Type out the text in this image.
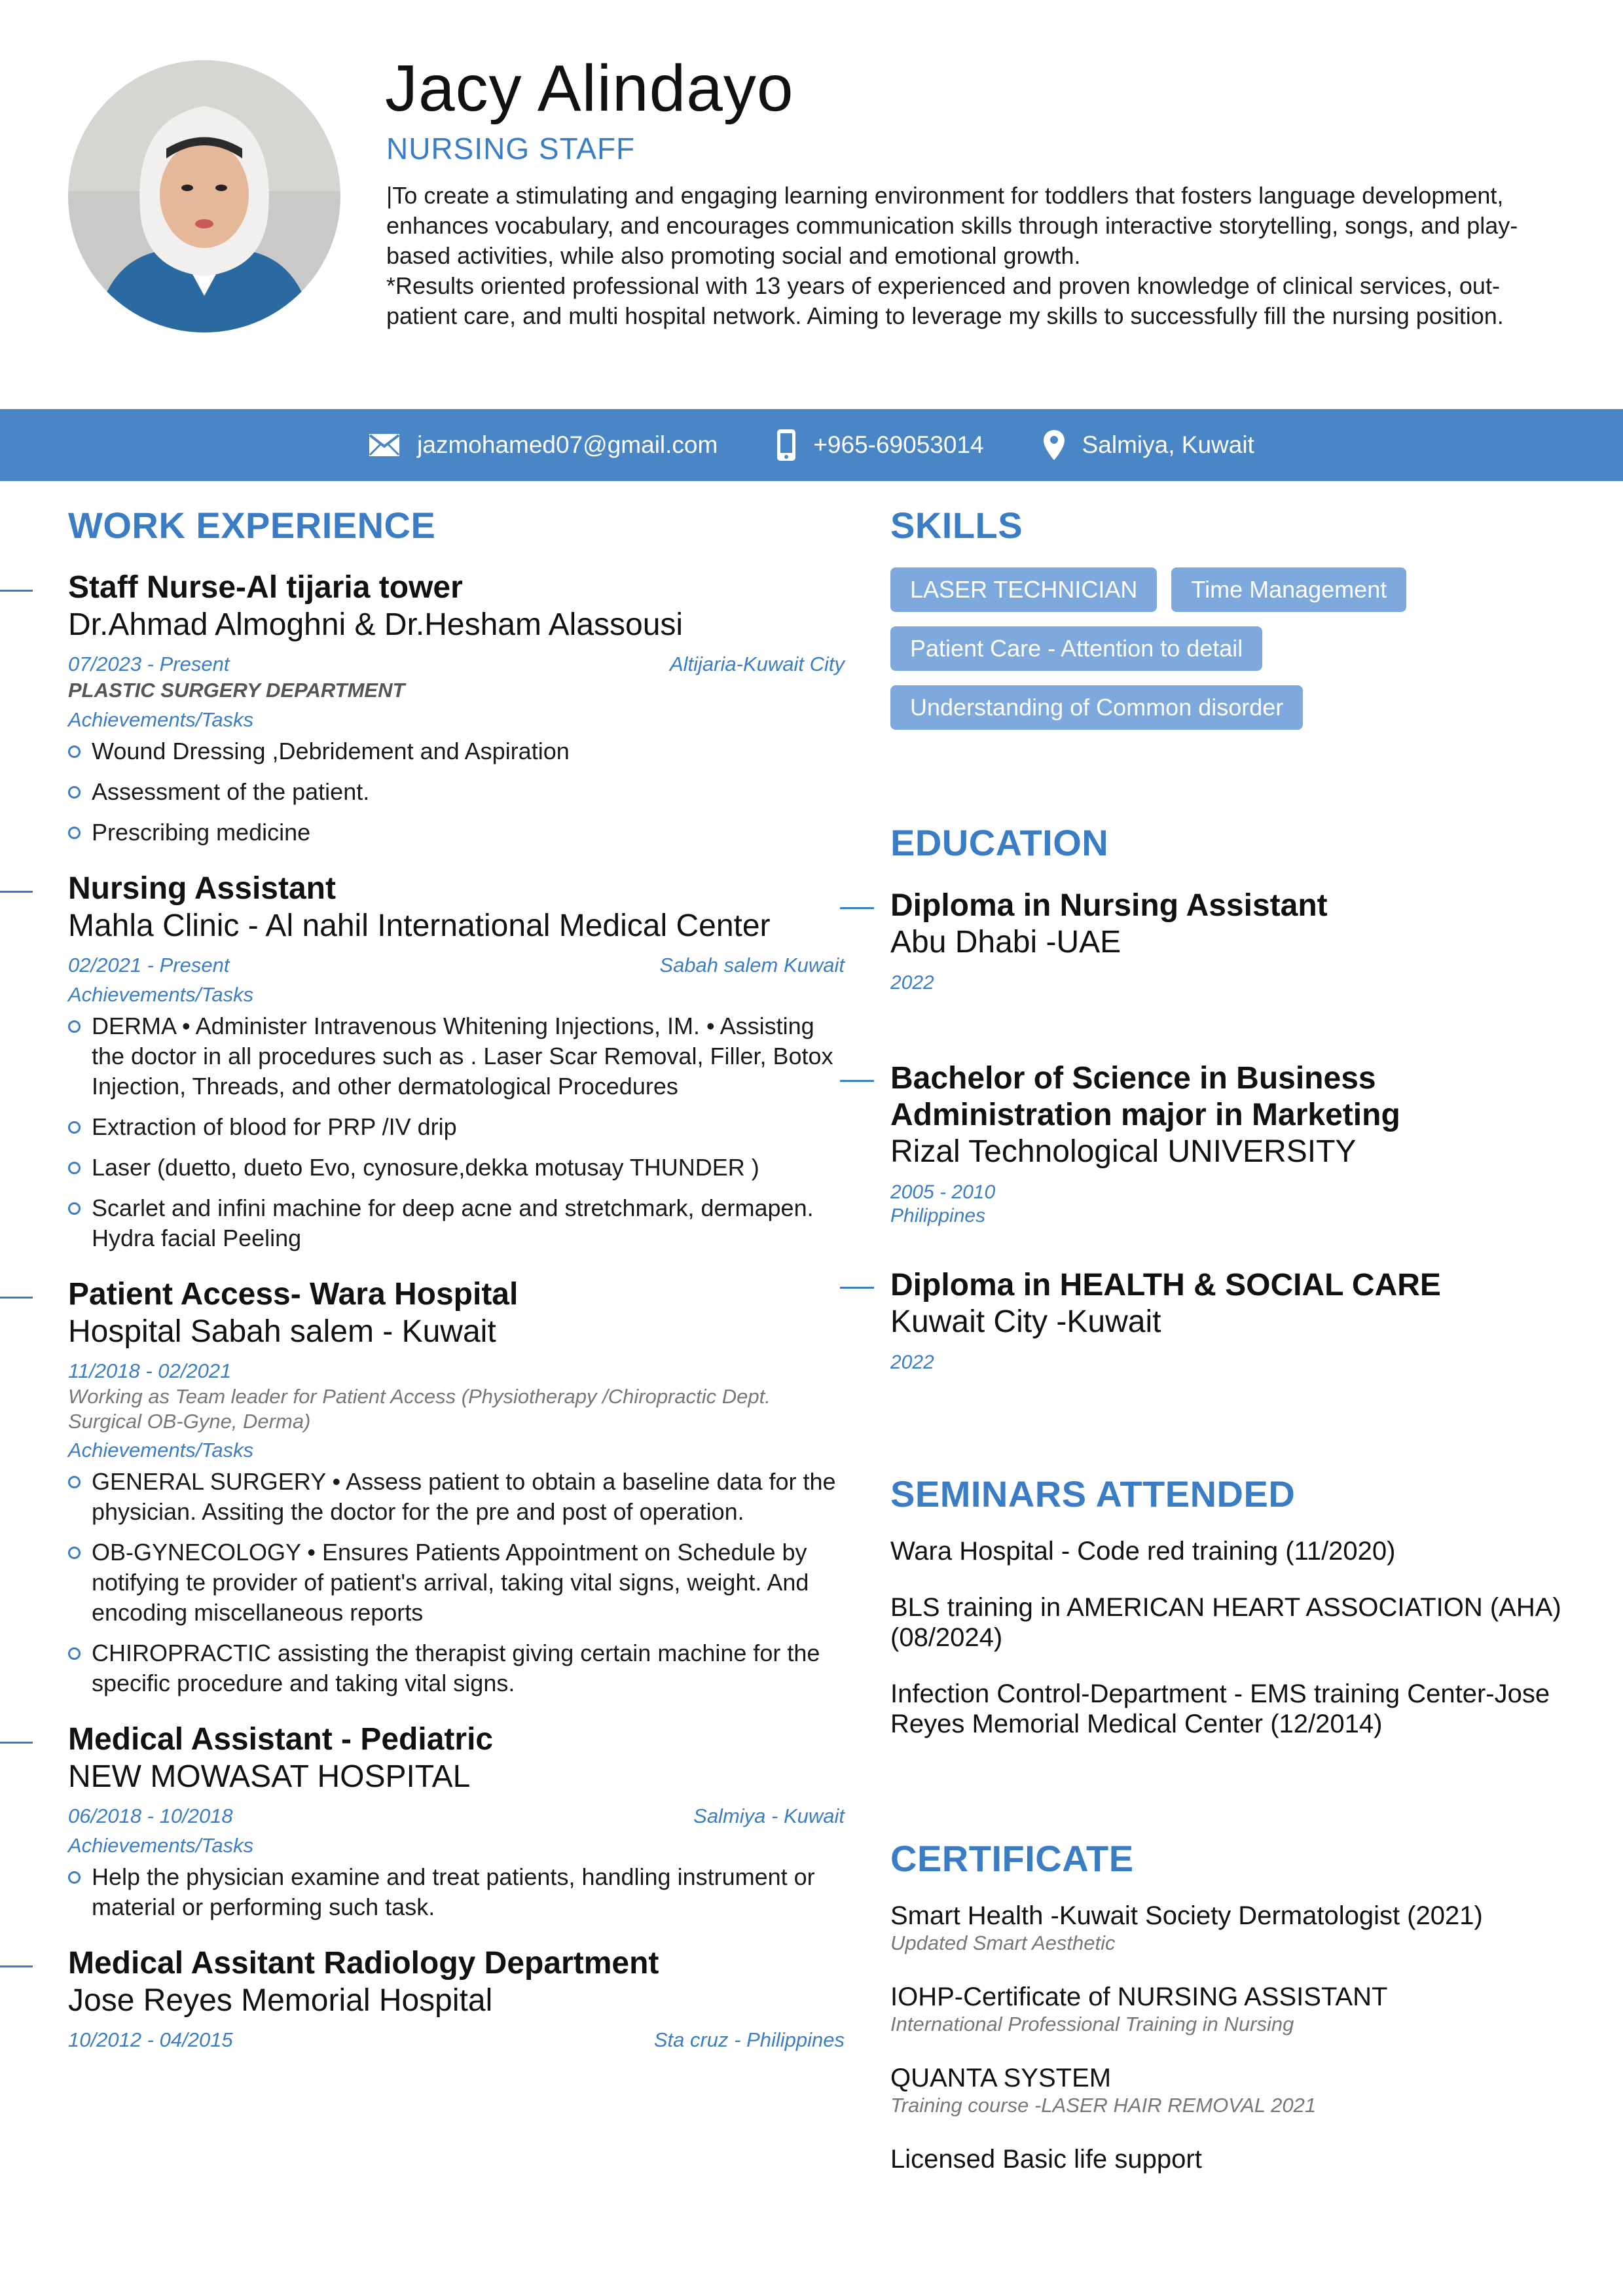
Jacy Alindayo
NURSING STAFF

|To create a stimulating and engaging learning environment for toddlers that fosters language development, enhances vocabulary, and encourages communication skills through interactive storytelling, songs, and play-based activities, while also promoting social and emotional growth.

*Results oriented professional with 13 years of experienced and proven knowledge of clinical services, out-patient care, and multi hospital network. Aiming to leverage my skills to successfully fill the nursing position.

jazmohamed07@gmail.com	+965-69053014	Salmiya, Kuwait
WORK EXPERIENCE
Staff Nurse-Al tijaria tower
Dr.Ahmad Almoghni & Dr.Hesham Alassousi
07/2023 - Present	Altijaria-Kuwait City
PLASTIC SURGERY DEPARTMENT
Achievements/Tasks
Wound Dressing ,Debridement and Aspiration
Assessment of the patient.
Prescribing medicine
Nursing Assistant
Mahla Clinic - Al nahil International Medical Center
02/2021 - Present	Sabah salem Kuwait
Achievements/Tasks
DERMA • Administer Intravenous Whitening Injections, IM. • Assisting the doctor in all procedures such as . Laser Scar Removal, Filler, Botox Injection, Threads, and other dermatological Procedures
Extraction of blood for PRP /IV drip
Laser (duetto, dueto Evo, cynosure,dekka motusay THUNDER )
Scarlet and infini machine for deep acne and stretchmark, dermapen. Hydra facial Peeling
Patient Access- Wara Hospital
Hospital Sabah salem - Kuwait
11/2018 - 02/2021
Working as Team leader for Patient Access (Physiotherapy /Chiropractic Dept. Surgical OB-Gyne, Derma)
Achievements/Tasks
GENERAL SURGERY • Assess patient to obtain a baseline data for the physician. Assiting the doctor for the pre and post of operation.
OB-GYNECOLOGY • Ensures Patients Appointment on Schedule by notifying te provider of patient's arrival, taking vital signs, weight. And encoding miscellaneous reports
CHIROPRACTIC assisting the therapist giving certain machine for the specific procedure and taking vital signs.
Medical Assistant - Pediatric
NEW MOWASAT HOSPITAL
06/2018 - 10/2018	Salmiya - Kuwait
Achievements/Tasks
Help the physician examine and treat patients, handling instrument or material or performing such task.
Medical Assitant Radiology Department
Jose Reyes Memorial Hospital
10/2012 - 04/2015	Sta cruz - Philippines
SKILLS
LASER TECHNICIAN	Time Management
Patient Care - Attention to detail
Understanding of Common disorder
EDUCATION
Diploma in Nursing Assistant
Abu Dhabi -UAE
2022
Bachelor of Science in Business Administration major in Marketing
Rizal Technological UNIVERSITY
2005 - 2010
Philippines
Diploma in HEALTH & SOCIAL CARE
Kuwait City -Kuwait
2022
SEMINARS ATTENDED
Wara Hospital - Code red training (11/2020)
BLS training in AMERICAN HEART ASSOCIATION (AHA) (08/2024)
Infection Control-Department - EMS training Center-Jose Reyes Memorial Medical Center (12/2014)
CERTIFICATE
Smart Health -Kuwait Society Dermatologist (2021)
Updated Smart Aesthetic
IOHP-Certificate of NURSING ASSISTANT
International Professional Training in Nursing
QUANTA SYSTEM
Training course -LASER HAIR REMOVAL 2021
Licensed Basic life support
